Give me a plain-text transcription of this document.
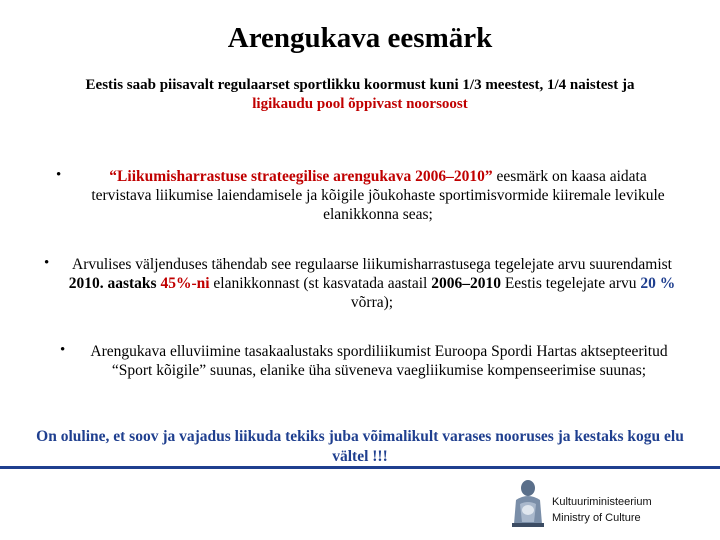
Arengukava eesmärk
Eestis saab piisavalt regulaarset sportlikku koormust kuni 1/3 meestest, 1/4 naistest ja
ligikaudu pool õppivast noorsoost
•	“Liikumisharrastuse strateegilise arengukava 2006–2010” eesmärk on kaasa aidata tervistava liikumise laiendamisele ja kõigile jõukohaste sportimisvormide kiiremale levikule elanikkonna seas;
•	Arvulises väljenduses tähendab see regulaarse liikumisharrastusega tegelejate arvu suurendamist 2010. aastaks 45%-ni elanikkonnast (st kasvatada aastail 2006–2010 Eestis tegelejate arvu 20 % võrra);
•	Arengukava elluviimine tasakaalustaks spordiliikumist Euroopa Spordi Hartas aktsepteeritud “Sport kõigile” suunas, elanike üha süveneva vaegliikumise kompenseerimise suunas;
On oluline, et soov ja vajadus liikuda tekiks juba võimalikult varases nooruses ja kestaks kogu elu vältel !!!
Kultuuriministeerium
Ministry of Culture
